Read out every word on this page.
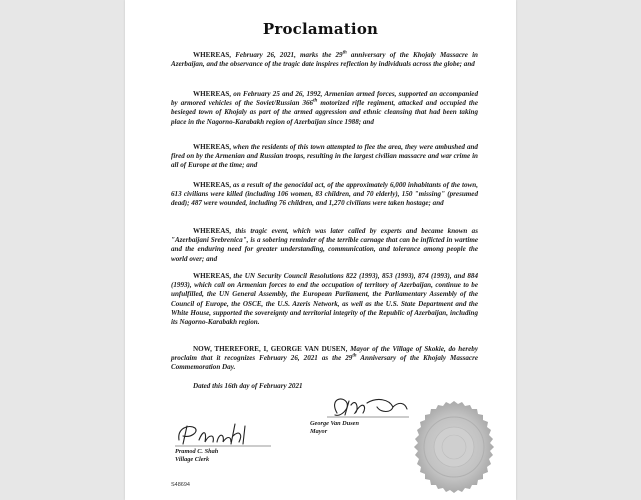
Proclamation
WHEREAS, February 26, 2021, marks the 29th anniversary of the Khojaly Massacre in Azerbaijan, and the observance of the tragic date inspires reflection by individuals across the globe; and
WHEREAS, on February 25 and 26, 1992, Armenian armed forces, supported an accompanied by armored vehicles of the Soviet/Russian 366th motorized rifle regiment, attacked and occupied the besieged town of Khojaly as part of the armed aggression and ethnic cleansing that had been taking place in the Nagorno-Karabakh region of Azerbaijan since 1988; and
WHEREAS, when the residents of this town attempted to flee the area, they were ambushed and fired on by the Armenian and Russian troops, resulting in the largest civilian massacre and war crime in all of Europe at the time; and
WHEREAS, as a result of the genocidal act, of the approximately 6,000 inhabitants of the town, 613 civilians were killed (including 106 women, 83 children, and 70 elderly), 150 "missing" (presumed dead); 487 were wounded, including 76 children, and 1,270 civilians were taken hostage; and
WHEREAS, this tragic event, which was later called by experts and became known as "Azerbaijani Srebrenica", is a sobering reminder of the terrible carnage that can be inflicted in wartime and the enduring need for greater understanding, communication, and tolerance among people the world over; and
WHEREAS, the UN Security Council Resolutions 822 (1993), 853 (1993), 874 (1993), and 884 (1993), which call on Armenian forces to end the occupation of territory of Azerbaijan, continue to be unfulfilled, the UN General Assembly, the European Parliament, the Parliamentary Assembly of the Council of Europe, the OSCE, the U.S. Azeris Network, as well as the U.S. State Department and the White House, supported the sovereignty and territorial integrity of the Republic of Azerbaijan, including its Nagorno-Karabakh region.
NOW, THEREFORE, I, GEORGE VAN DUSEN, Mayor of the Village of Skokie, do hereby proclaim that it recognizes February 26, 2021 as the 29th Anniversary of the Khojaly Massacre Commemoration Day.
Dated this 16th day of February 2021
George Van Dusen
Mayor
Pramod C. Shah
Village Clerk
S48694
